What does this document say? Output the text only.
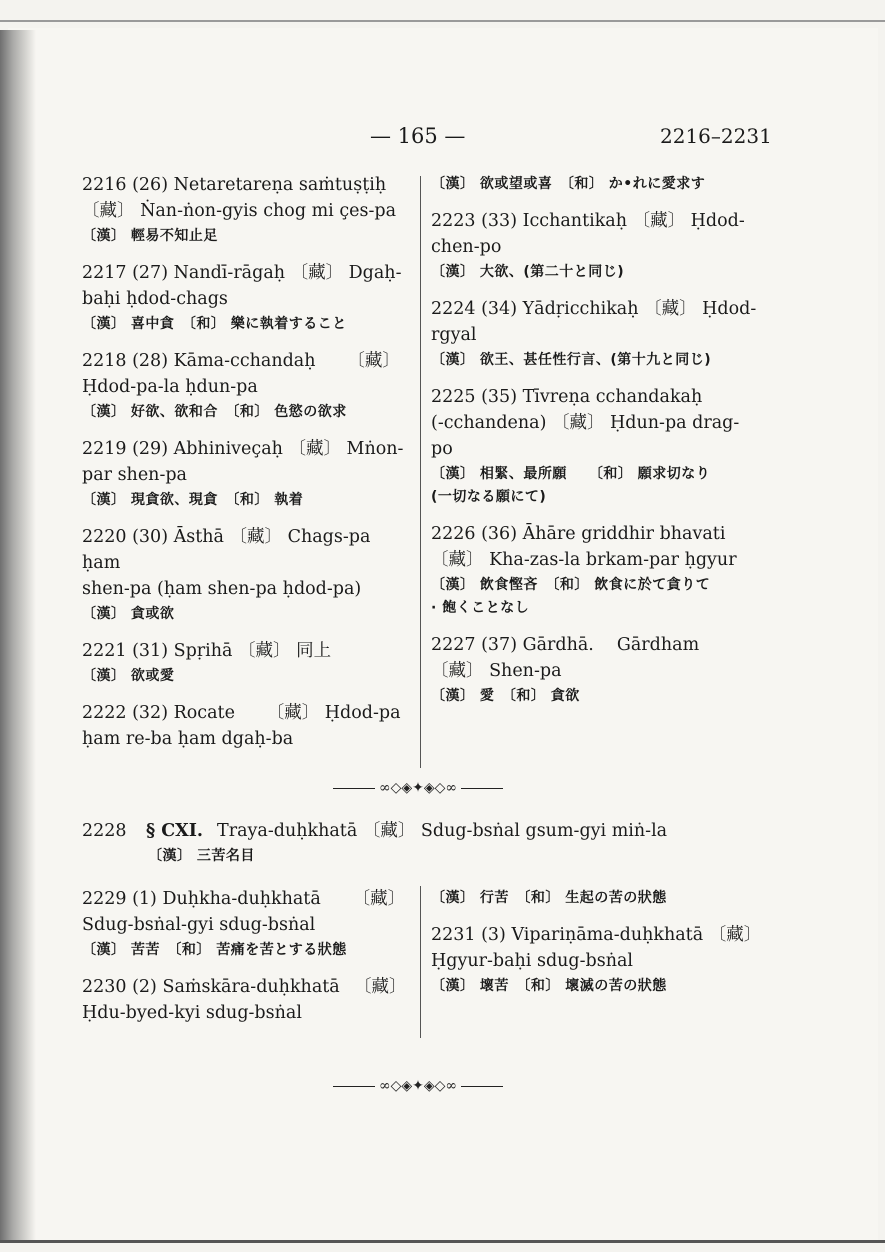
— 165 —	2216–2231
2216 (26) Netaretareṇa saṁtuṣṭiḥ
〔藏〕 Ṅan-ṅon-gyis chog mi çes-pa
〔漢〕 輕易不知止足
2217 (27) Nandī-rāgaḥ 〔藏〕 Dgaḥ-
baḥi ḥdod-chags
〔漢〕 喜中貪　〔和〕 樂に執着すること
2218 (28) Kāma-cchandaḥ 　　〔藏〕
Ḥdod-pa-la ḥdun-pa
〔漢〕 好欲、欲和合　〔和〕 色慾の欲求
2219 (29) Abhiniveçaḥ 〔藏〕 Mṅon-
par shen-pa
〔漢〕 現貪欲、現貪　〔和〕 執着
2220 (30) Āsthā 〔藏〕 Chags-pa ḥam
shen-pa (ḥam shen-pa ḥdod-pa)
〔漢〕 貪或欲
2221 (31) Spṛihā 〔藏〕 同上
〔漢〕 欲或愛
2222 (32) Rocate 　　〔藏〕 Ḥdod-pa
ḥam re-ba ḥam dgaḥ-ba
〔漢〕 欲或望或喜　〔和〕 か•れに愛求す
2223 (33) Icchantikaḥ 〔藏〕 Ḥdod-
chen-po
〔漢〕 大欲、(第二十と同じ)
2224 (34) Yādṛicchikaḥ 〔藏〕 Ḥdod-
rgyal
〔漢〕 欲王、甚任性行言、(第十九と同じ)
2225 (35) Tīvreṇa cchandakaḥ
(-cchandena) 〔藏〕 Ḥdun-pa drag-
po
〔漢〕 相緊、最所願　　〔和〕 願求切なり
(一切なる願にて)
2226 (36) Āhāre griddhir bhavati
〔藏〕 Kha-zas-la brkam-par ḥgyur
〔漢〕 飲食慳吝　〔和〕 飲食に於て貪りて
· 飽くことなし
2227 (37) Gārdhā. 　Gārdham
〔藏〕 Shen-pa
〔漢〕 愛　〔和〕 貪欲
∞◇◈✦◈◇∞
2228 § CXI. Traya-duḥkhatā 〔藏〕 Sdug-bsṅal gsum-gyi miṅ-la
〔漢〕 三苦名目
2229 (1) Duḥkha-duḥkhatā 　　〔藏〕
Sdug-bsṅal-gyi sdug-bsṅal
〔漢〕 苦苦　〔和〕 苦痛を苦とする狀態
2230 (2) Saṁskāra-duḥkhatā 　〔藏〕
Ḥdu-byed-kyi sdug-bsṅal
〔漢〕 行苦　〔和〕 生起の苦の狀態
2231 (3) Vipariṇāma-duḥkhatā 〔藏〕
Ḥgyur-baḥi sdug-bsṅal
〔漢〕 壞苦　〔和〕 壞滅の苦の狀態
∞◇◈✦◈◇∞
